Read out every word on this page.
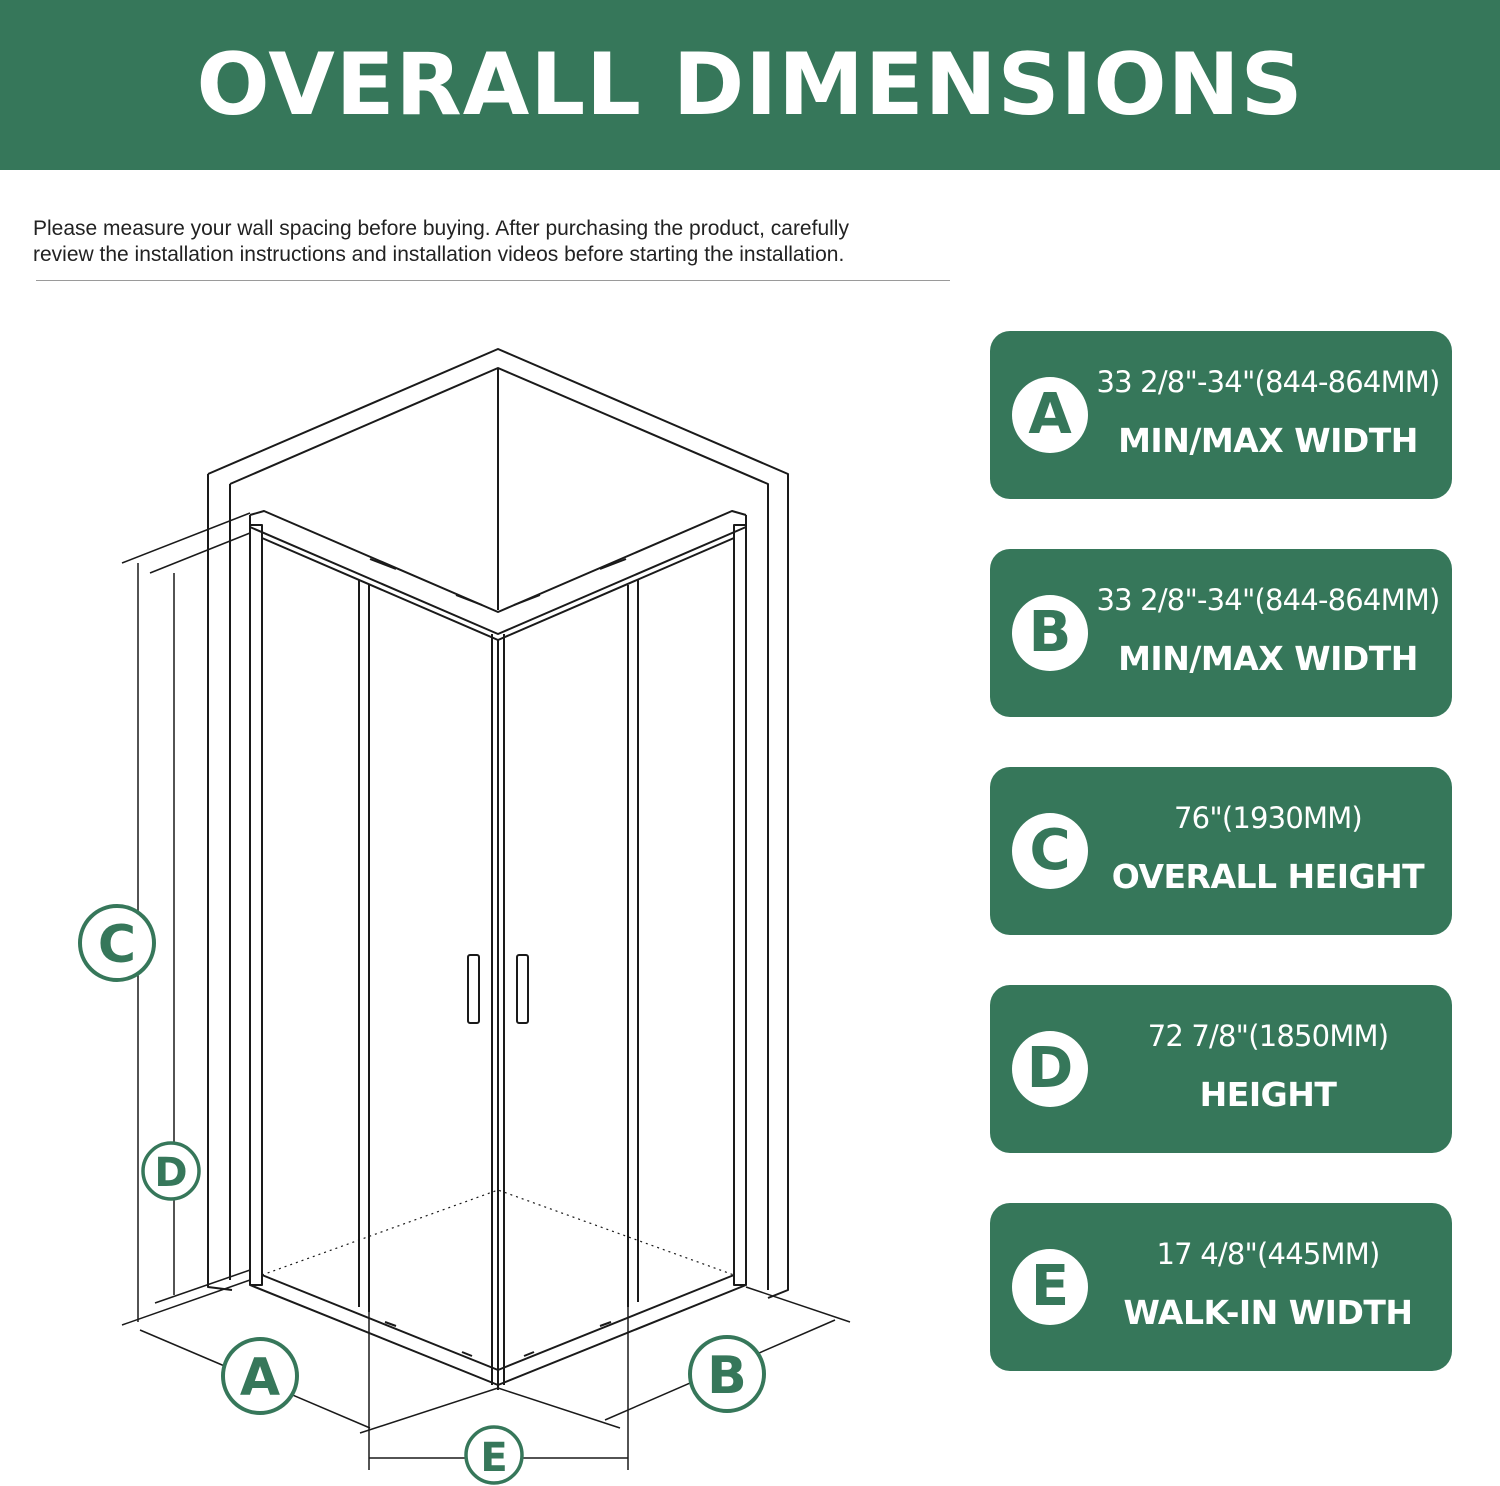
OVERALL DIMENSIONS

Please measure your wall spacing before buying. After purchasing the product, carefully

review the installation instructions and installation videos before starting the installation.

C
D
A
E
B
A 33 2/8"-34"(844-864MM)
MIN/MAX WIDTH
B 33 2/8"-34"(844-864MM)
MIN/MAX WIDTH
C	76"(1930MM)
OVERALL HEIGHT
D	72 7/8"(1850MM)
HEIGHT
E	17 4/8"(445MM)
WALK-IN WIDTH
